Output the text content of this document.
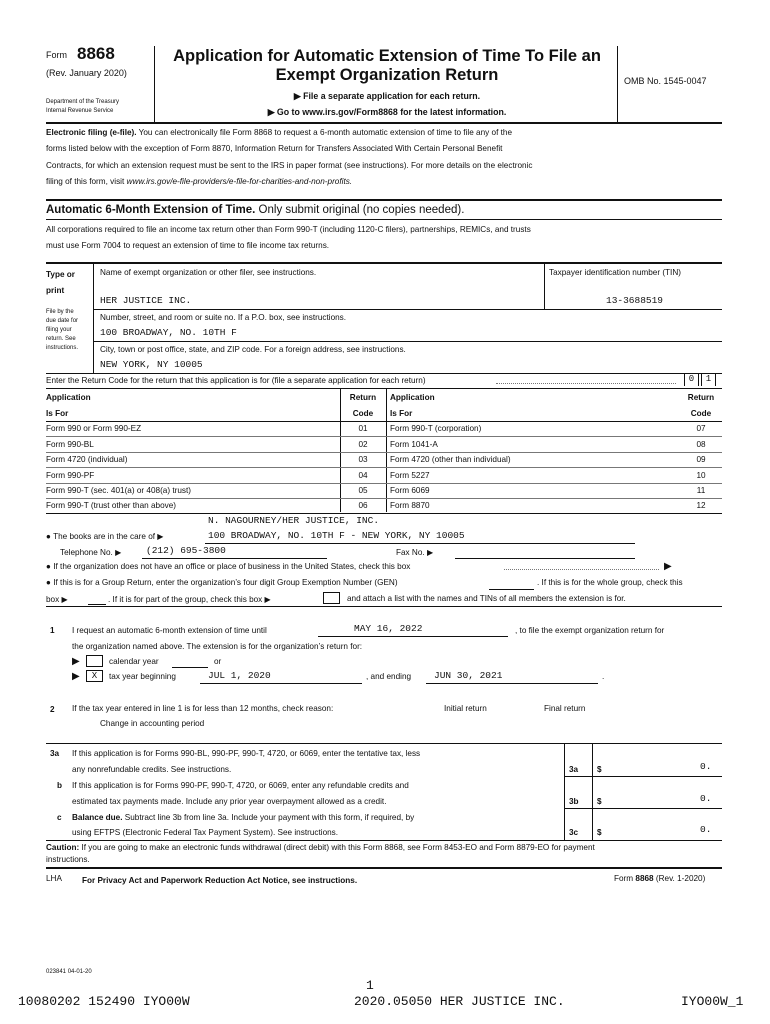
Form 8868
(Rev. January 2020)
Department of the Treasury
Internal Revenue Service
Application for Automatic Extension of Time To File an
Exempt Organization Return
▶ File a separate application for each return.
▶ Go to www.irs.gov/Form8868 for the latest information.
OMB No. 1545-0047
Electronic filing (e-file). You can electronically file Form 8868 to request a 6-month automatic extension of time to file any of the
forms listed below with the exception of Form 8870, Information Return for Transfers Associated With Certain Personal Benefit
Contracts, for which an extension request must be sent to the IRS in paper format (see instructions). For more details on the electronic
filing of this form, visit www.irs.gov/e-file-providers/e-file-for-charities-and-non-profits.
Automatic 6-Month Extension of Time. Only submit original (no copies needed).
All corporations required to file an income tax return other than Form 990-T (including 1120-C filers), partnerships, REMICs, and trusts
must use Form 7004 to request an extension of time to file income tax returns.
Type or
print
File by the
due date for
filing your
return. See
instructions.
Name of exempt organization or other filer, see instructions.
HER JUSTICE INC.
Taxpayer identification number (TIN)
13-3688519
Number, street, and room or suite no. If a P.O. box, see instructions.
100 BROADWAY, NO. 10TH F
City, town or post office, state, and ZIP code. For a foreign address, see instructions.
NEW YORK, NY 10005
Enter the Return Code for the return that this application is for (file a separate application for each return)	0	1
Application
Is For
Return
Code
Application
Is For
Return
Code
Form 990 or Form 990-EZ	01	Form 990-T (corporation)	07
Form 990-BL	02	Form 1041-A	08
Form 4720 (individual)	03	Form 4720 (other than individual)	09
Form 990-PF	04	Form 5227	10
Form 990-T (sec. 401(a) or 408(a) trust)	05	Form 6069	11
Form 990-T (trust other than above)	06	Form 8870	12
N. NAGOURNEY/HER JUSTICE, INC.
● The books are in the care of ▶	100 BROADWAY, NO. 10TH F - NEW YORK, NY 10005
Telephone No. ▶	(212) 695-3800	Fax No. ▶
● If the organization does not have an office or place of business in the United States, check this box	▶
● If this is for a Group Return, enter the organization’s four digit Group Exemption Number (GEN)	. If this is for the whole group, check this
box ▶	. If it is for part of the group, check this box ▶	and attach a list with the names and TINs of all members the extension is for.
1 I request an automatic 6-month extension of time until	MAY 16, 2022	, to file the exempt organization return for
the organization named above. The extension is for the organization’s return for:
▶	calendar year	or
▶	X	tax year beginning	JUL 1, 2020	, and ending JUN 30, 2021	.
2 If the tax year entered in line 1 is for less than 12 months, check reason:	Initial return	Final return
Change in accounting period
3a If this application is for Forms 990-BL, 990-PF, 990-T, 4720, or 6069, enter the tentative tax, less
any nonrefundable credits. See instructions.	3a $	0.
b If this application is for Forms 990-PF, 990-T, 4720, or 6069, enter any refundable credits and
estimated tax payments made. Include any prior year overpayment allowed as a credit.	3b $	0.
c Balance due. Subtract line 3b from line 3a. Include your payment with this form, if required, by
using EFTPS (Electronic Federal Tax Payment System). See instructions.	3c $	0.
Caution: If you are going to make an electronic funds withdrawal (direct debit) with this Form 8868, see Form 8453-EO and Form 8879-EO for payment
instructions.
LHA For Privacy Act and Paperwork Reduction Act Notice, see instructions.	Form 8868 (Rev. 1-2020)
023841 04-01-20
1
10080202 152490 IYO00W	2020.05050 HER JUSTICE INC.	IYO00W_1
